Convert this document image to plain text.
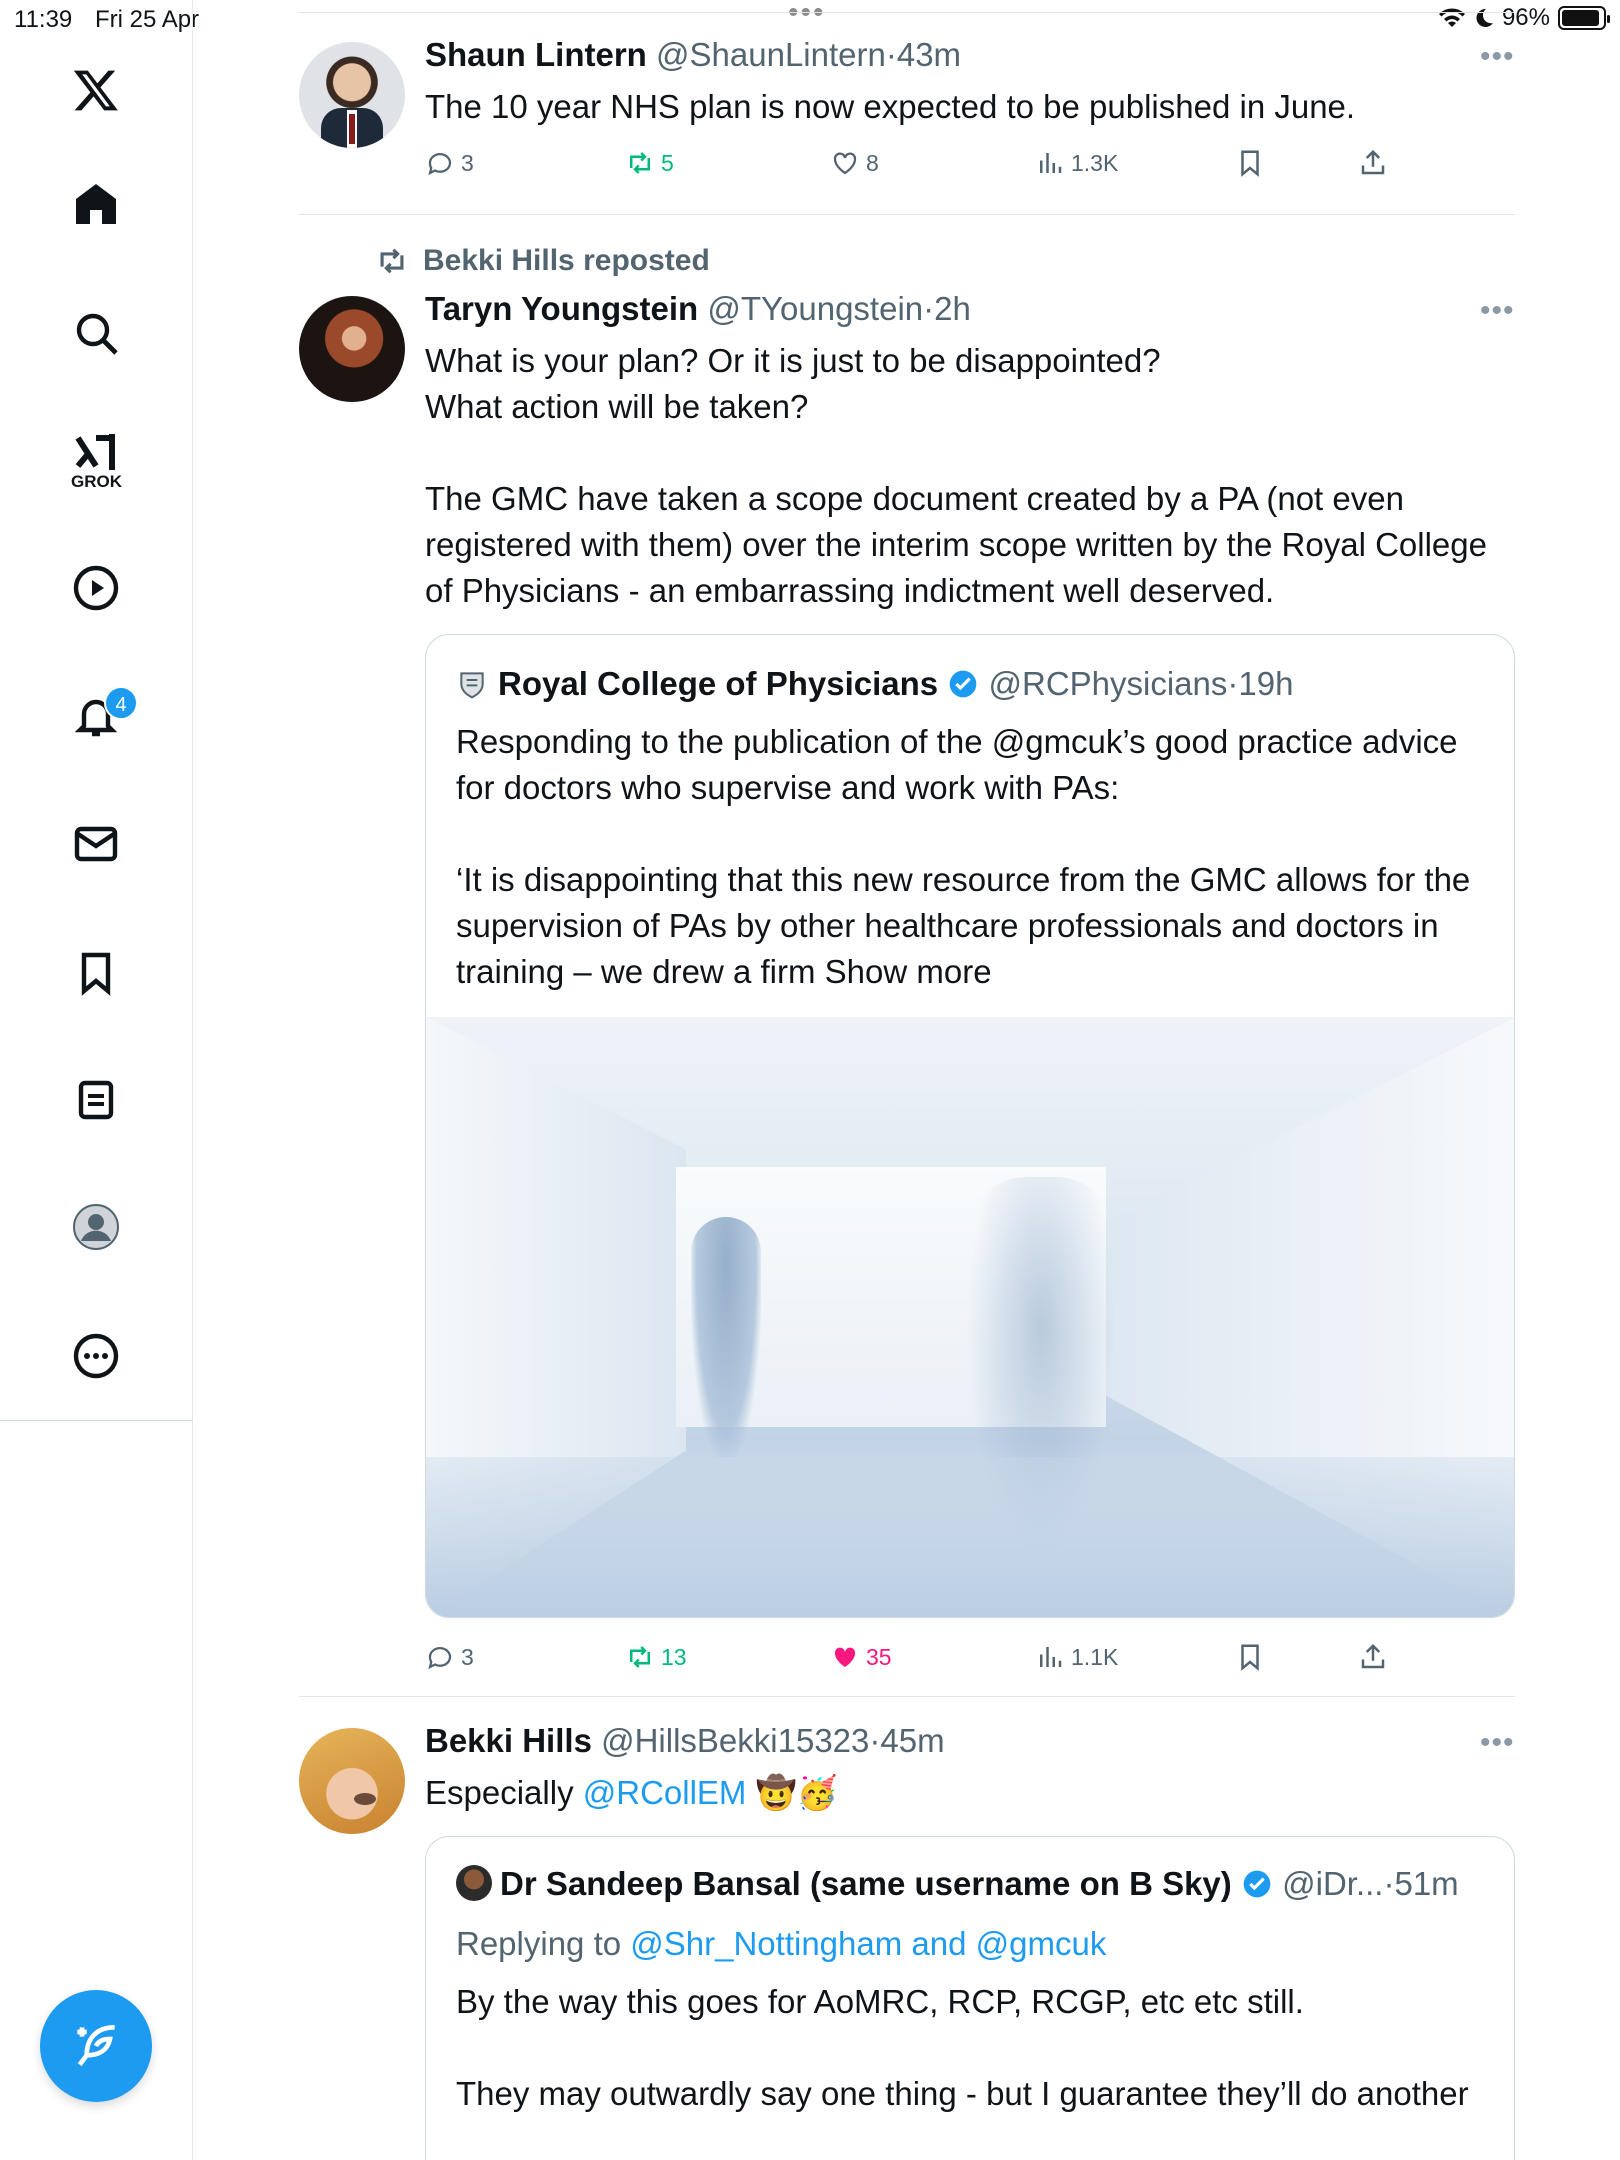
11:39 Fri 25 Apr	•••	96%
GROK
4
Shaun Lintern @ShaunLintern·43m	•••
The 10 year NHS plan is now expected to be published in June.
3	5	8	1.3K
Bekki Hills reposted
Taryn Youngstein @TYoungstein·2h	•••
What is your plan? Or it is just to be disappointed?
What action will be taken?

The GMC have taken a scope document created by a PA (not even registered with them) over the interim scope written by the Royal College of Physicians - an embarrassing indictment well deserved.
Royal College of Physicians @RCPhysicians·19h
Responding to the publication of the @gmcuk’s good practice advice for doctors who supervise and work with PAs:

‘It is disappointing that this new resource from the GMC allows for the supervision of PAs by other healthcare professionals and doctors in training – we drew a firm Show more
3	13	35	1.1K
Bekki Hills @HillsBekki15323·45m	•••
Especially @RCollEM 🤠🥳
Dr Sandeep Bansal (same username on B Sky) @iDr...·51m
Replying to @Shr_Nottingham and @gmcuk
By the way this goes for AoMRC, RCP, RCGP, etc etc still.

They may outwardly say one thing - but I guarantee they’ll do another
